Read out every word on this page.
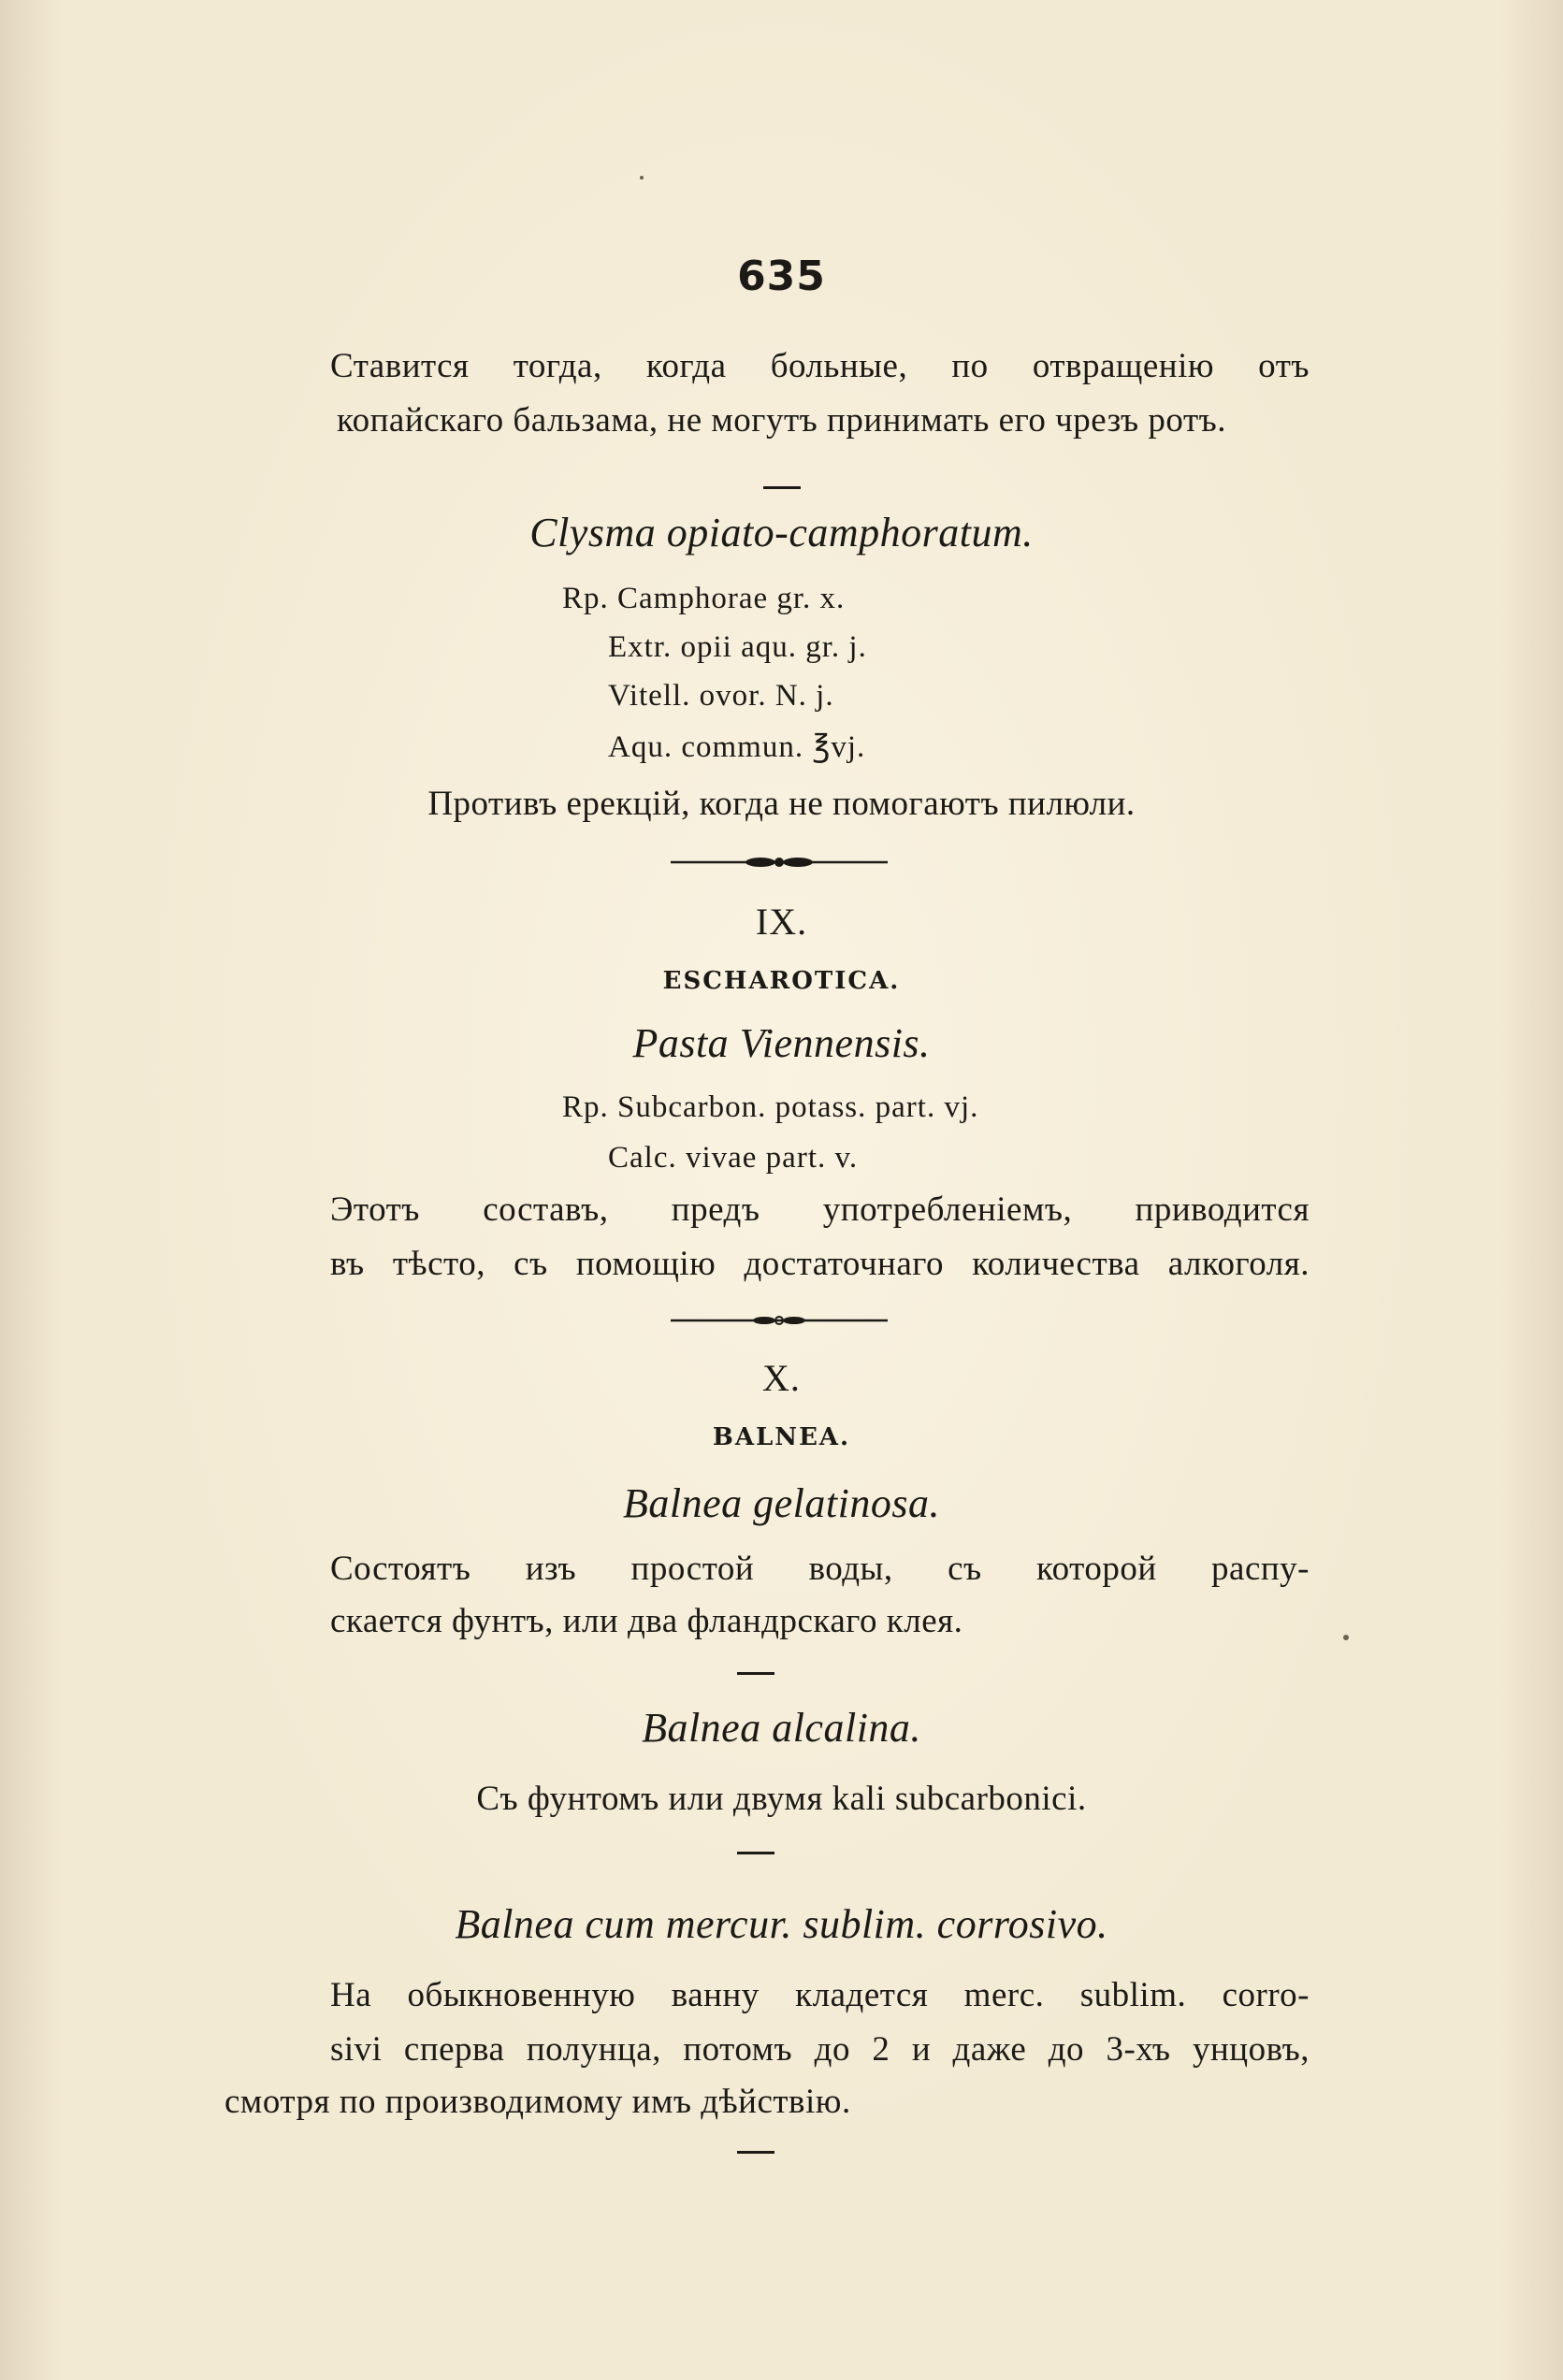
635
Ставится тогда, когда больные, по отвращенію отъ
копайскаго бальзама, не могутъ принимать его чрезъ ротъ.
Clysma opiato-camphoratum.
Rp. Camphorae gr. x.
Extr. opii aqu. gr. j.
Vitell. ovor. N. j.
Aqu. commun. ℥vj.
Противъ ерекцій, когда не помогаютъ пилюли.
IX.
ESCHAROTICA.
Pasta Viennensis.
Rp. Subcarbon. potass. part. vj.
Calc. vivae part. v.
Этотъ составъ, предъ употребленіемъ, приводится
въ тѣсто, съ помощію достаточнаго количества алкоголя.
X.
BALNEA.
Balnea gelatinosa.
Состоятъ изъ простой воды, съ которой распу-
скается фунтъ, или два фландрскаго клея.
Balnea alcalina.
Съ фунтомъ или двумя kali subcarbonici.
Balnea cum mercur. sublim. corrosivo.
На обыкновенную ванну кладется merc. sublim. corro-
sivi сперва полунца, потомъ до 2 и даже до 3-хъ унцовъ,
смотря по производимому имъ дѣйствію.
